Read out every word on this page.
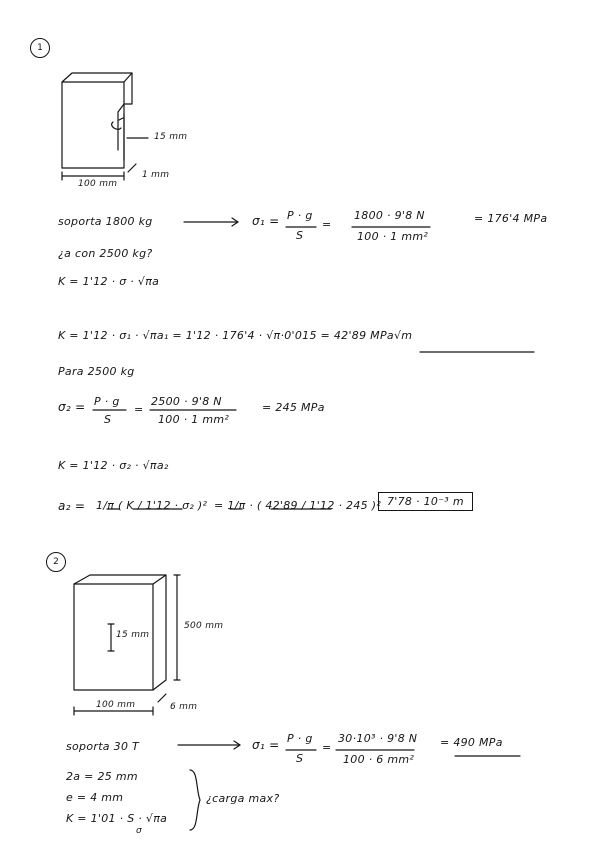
1
15 mm
1 mm
100 mm
soporta 1800 kg	σ₁ = P · g
S
=
1800 · 9'8 N
100 · 1 mm²
= 176'4 MPa
¿a con 2500 kg?
K = 1'12 · σ · √πa
K = 1'12 · σ₁ · √πa₁ = 1'12 · 176'4 · √π·0'015 = 42'89 MPa√m
Para 2500 kg
σ₂ = P · g
S
=
2500 · 9'8 N
100 · 1 mm²
= 245 MPa
K = 1'12 · σ₂ · √πa₂
a₂ = 1/π ( K / 1'12 · σ₂ )² = 1/π · ( 42'89 / 1'12 · 245 )² 7'78 · 10⁻³ m
2
15 mm
500 mm
100 mm	6 mm
soporta 30 T	σ₁ = P · g
S
=
30·10³ · 9'8 N
100 · 6 mm²
= 490 MPa
2a = 25 mm
e = 4 mm
K = 1'01 · S · √πa
σ
¿carga max?
